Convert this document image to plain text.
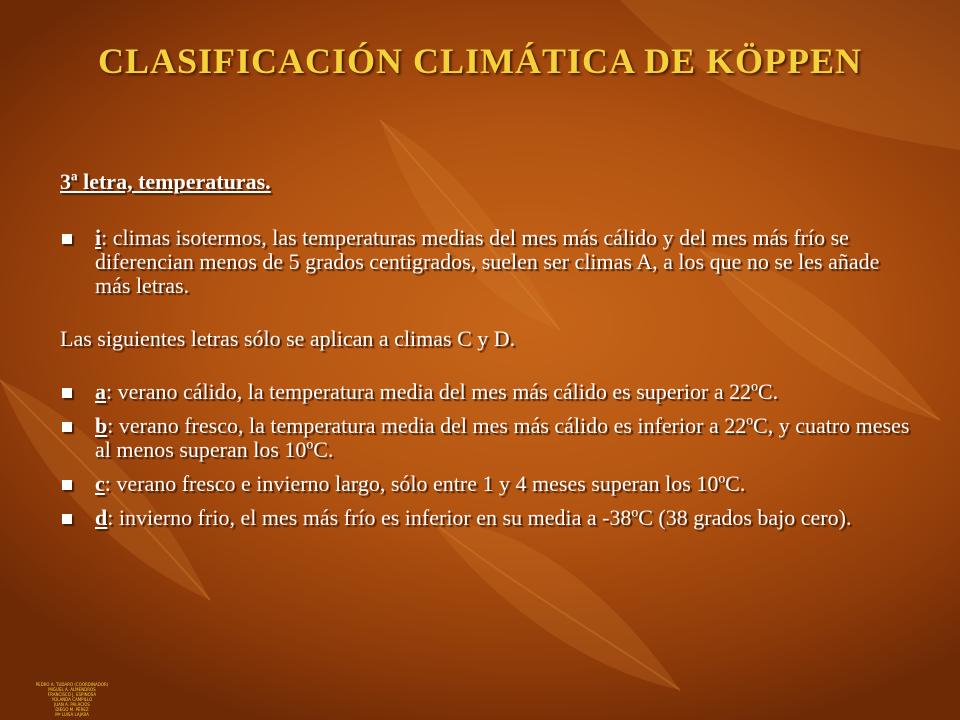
CLASIFICACIÓN CLIMÁTICA DE KÖPPEN

3ª letra, temperaturas.

i: climas isotermos, las temperaturas medias del mes más cálido y del mes más frío se diferencian menos de 5 grados centigrados, suelen ser climas A, a los que no se les añade más letras.

Las siguientes letras sólo se aplican a climas C y D.

a: verano cálido, la temperatura media del mes más cálido es superior a 22ºC.
b: verano fresco, la temperatura media del mes más cálido es inferior a 22ºC, y cuatro meses al menos superan los 10ºC.
c: verano fresco e invierno largo, sólo entre 1 y 4 meses superan los 10ºC.
d: invierno frio, el mes más frío es inferior en su media a -38ºC (38 grados bajo cero).
PEDRO A. TUDARO (COORDINADOR)
MIGUEL A. ALMENDROS
FRANCISCO J. ESPINOSA
YOLANDA CAMPILLO
JUAN A. PALACIOS
DIEGO M. PÉREZ
Mª LUISA LAJARA
